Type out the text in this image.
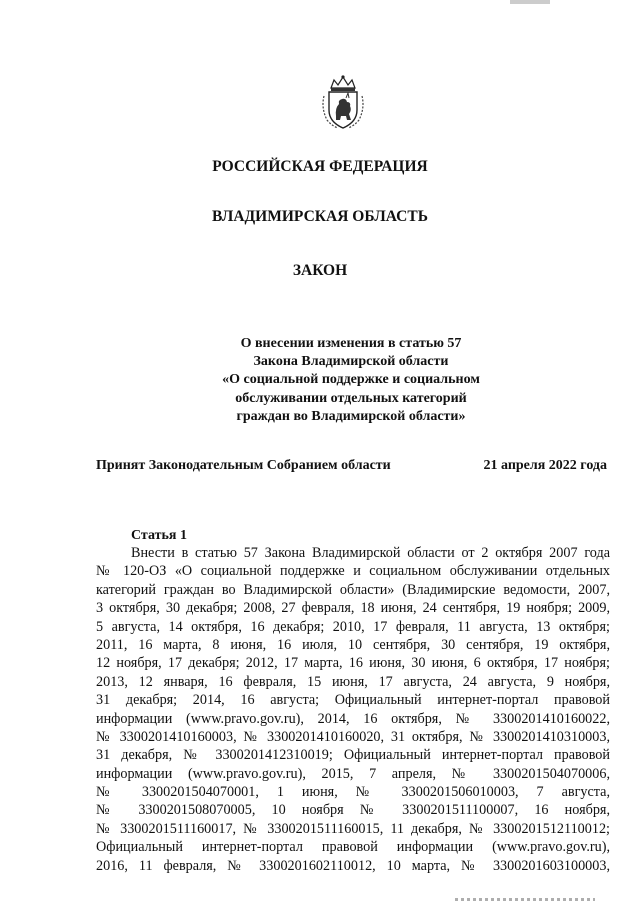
РОССИЙСКАЯ ФЕДЕРАЦИЯ
ВЛАДИМИРСКАЯ ОБЛАСТЬ
ЗАКОН
О внесении изменения в статью 57
Закона Владимирской области
«О социальной поддержке и социальном
обслуживании отдельных категорий
граждан во Владимирской области»
Принят Законодательным Собранием области	21 апреля 2022 года
Статья 1
Внести в статью 57 Закона Владимирской области от 2 октября 2007 года
№ 120-ОЗ «О социальной поддержке и социальном обслуживании отдельных
категорий граждан во Владимирской области» (Владимирские ведомости, 2007,
3 октября, 30 декабря; 2008, 27 февраля, 18 июня, 24 сентября, 19 ноября; 2009,
5 августа, 14 октября, 16 декабря; 2010, 17 февраля, 11 августа, 13 октября;
2011, 16 марта, 8 июня, 16 июля, 10 сентября, 30 сентября, 19 октября,
12 ноября, 17 декабря; 2012, 17 марта, 16 июня, 30 июня, 6 октября, 17 ноября;
2013, 12 января, 16 февраля, 15 июня, 17 августа, 24 августа, 9 ноября,
31 декабря; 2014, 16 августа; Официальный интернет-портал правовой
информации (www.pravo.gov.ru), 2014, 16 октября, № 3300201410160022,
№ 3300201410160003, № 3300201410160020, 31 октября, № 3300201410310003,
31 декабря, № 3300201412310019; Официальный интернет-портал правовой
информации (www.pravo.gov.ru), 2015, 7 апреля, № 3300201504070006,
№ 3300201504070001, 1 июня, № 3300201506010003, 7 августа,
№ 3300201508070005, 10 ноября № 3300201511100007, 16 ноября,
№ 3300201511160017, № 3300201511160015, 11 декабря, № 3300201512110012;
Официальный интернет-портал правовой информации (www.pravo.gov.ru),
2016, 11 февраля, № 3300201602110012, 10 марта, № 3300201603100003,
